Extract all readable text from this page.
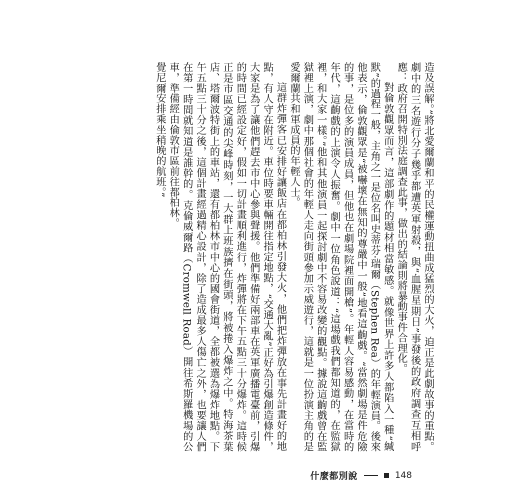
造及誤解。”將北愛爾蘭和平的民權運動扭曲成猛烈的大火，迫正是此劇故事的重點。劇中的三名遊行分子幾乎都遭英軍射殺，與“血腥星期日”事發後的政府調查互相呼應：政府召開特別法庭調查此事，做出的結論則將暴動事件合理化。

對倫敦觀眾而言，這部劇作的題材相當敏感。就像世界上許多人都陷入一種“緘默”的過程一般，主角之一是位名叫史蒂芬·瑞爾（Stephen Rea）的年輕演員。後來他表示，倫敦觀眾是“被嚇壞在無知的尊嚴中一般”地看這齣戲。“當然劇場是件危險的事，是位多的演員成員，但他也在劇場院裡面開槍”。年輕人容易感動，在當時的年代，這齣戲的上演令人振奮。劇中一位角色說道：“這場戲我們都知道的，在監獄裡，和大家一樣。”他和其他演員一起探討劇中不容易改變的觀點。據說這齣戲曾在監獄裡上演，劇中那個社會的年輕人走向街頭參加示威遊行，這就是一位扮演主角的是愛爾蘭共和軍成員的年輕人士。

這群炸彈客已安排好讓飯店在都柏林引發大火，他們把炸彈放在事先計畫好的地點，有人守在附近。車位時要車輛開往指定地點，“交通大亂”正好為引爆創造條件，大家是為了讓他們趕去市中心參與聲援。他們準備好兩部車在英軍廣播電臺前，引爆的時間已經設定好，假如一切計畫順利進行，炸彈將在下午五點三十分爆炸。這時候正是市區交通的尖峰時刻，一大群上班族擠在街頭，將被捲入爆炸之中。特海茶葉店、塔爾波特街上的車站，還有都柏林市中心的國會街道，全都被選為爆炸地點。下午五點三十分之後，這個計畫經過精心設計，除了造成最多人傷亡之外，也要讓人們在第一時間就知道是誰幹的。克倫威爾路（Cromwell Road）開往希斯羅機場的公車，準備經由倫敦市區前往都柏林。

覺尼爾安排乘坐稍晚的航班。”

什麼都別說	148
